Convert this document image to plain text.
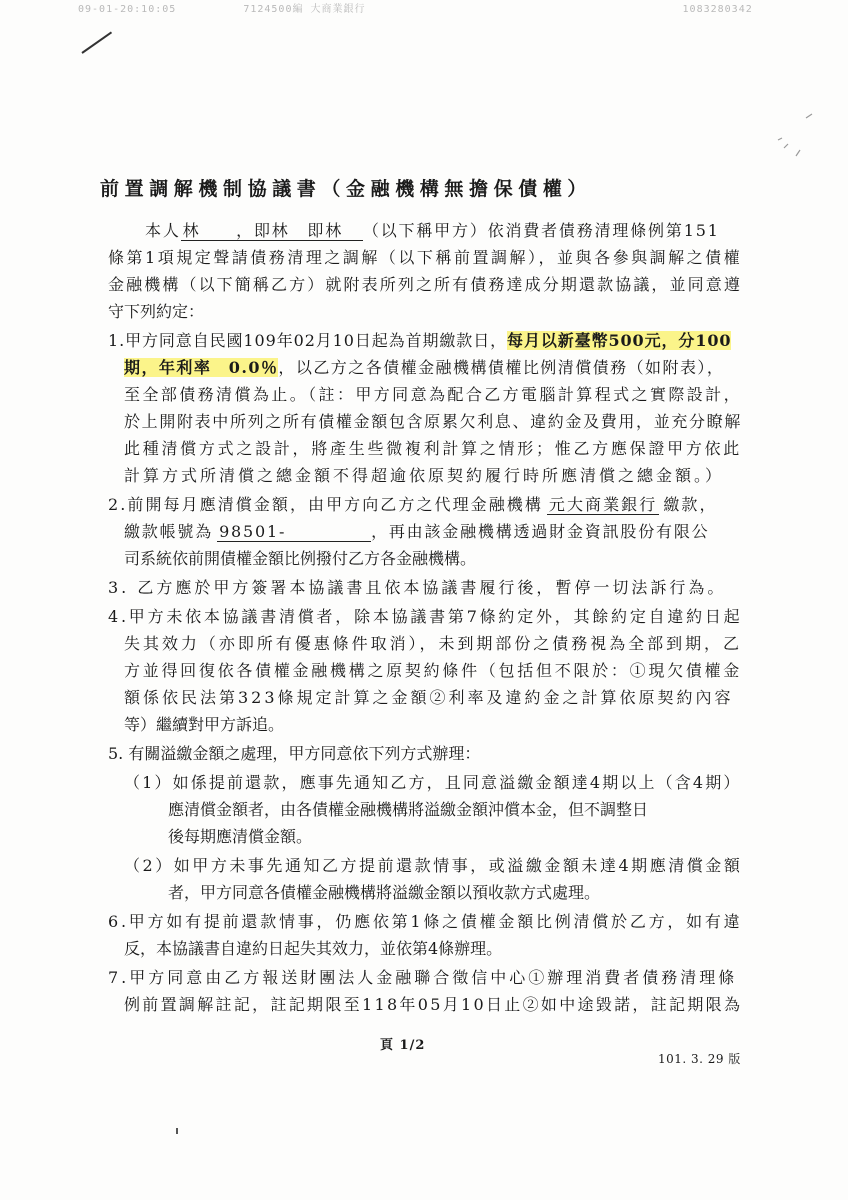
09-01-20:10:05	7124500編 大商業銀行	1083280342
前置調解機制協議書（金融機構無擔保債權）
本人 林　　，即林　即林　（以下稱甲方）依消費者債務清理條例第151
條第1項規定聲請債務清理之調解（以下稱前置調解），並與各參與調解之債權
金融機構（以下簡稱乙方）就附表所列之所有債務達成分期還款協議，並同意遵
守下列約定：
1.甲方同意自民國109年02月10日起為首期繳款日，每月以新臺幣500元，分100
期，年利率　0.0％，以乙方之各債權金融機構債權比例清償債務（如附表），
至全部債務清償為止。（註：甲方同意為配合乙方電腦計算程式之實際設計，
於上開附表中所列之所有債權金額包含原累欠利息、違約金及費用，並充分瞭解
此種清償方式之設計，將產生些微複利計算之情形；惟乙方應保證甲方依此
計算方式所清償之總金額不得超逾依原契約履行時所應清償之總金額。）
2.前開每月應清償金額，由甲方向乙方之代理金融機構 元大商業銀行 繳款，
繳款帳號為 98501-	，再由該金融機構透過財金資訊股份有限公
司系統依前開債權金額比例撥付乙方各金融機構。
3. 乙方應於甲方簽署本協議書且依本協議書履行後，暫停一切法訴行為。
4.甲方未依本協議書清償者，除本協議書第7條約定外，其餘約定自違約日起
失其效力（亦即所有優惠條件取消），未到期部份之債務視為全部到期，乙
方並得回復依各債權金融機構之原契約條件（包括但不限於：①現欠債權金
額係依民法第323條規定計算之金額②利率及違約金之計算依原契約內容
等）繼續對甲方訴追。
5. 有關溢繳金額之處理，甲方同意依下列方式辦理：
（1）如係提前還款，應事先通知乙方，且同意溢繳金額達4期以上（含4期）
應清償金額者，由各債權金融機構將溢繳金額沖償本金，但不調整日
後每期應清償金額。
（2）如甲方未事先通知乙方提前還款情事，或溢繳金額未達4期應清償金額
者，甲方同意各債權金融機構將溢繳金額以預收款方式處理。
6.甲方如有提前還款情事，仍應依第1條之債權金額比例清償於乙方，如有違
反，本協議書自違約日起失其效力，並依第4條辦理。
7.甲方同意由乙方報送財團法人金融聯合徵信中心①辦理消費者債務清理條
例前置調解註記，註記期限至118年05月10日止②如中途毀諾，註記期限為
頁 1/2
101. 3. 29 版
